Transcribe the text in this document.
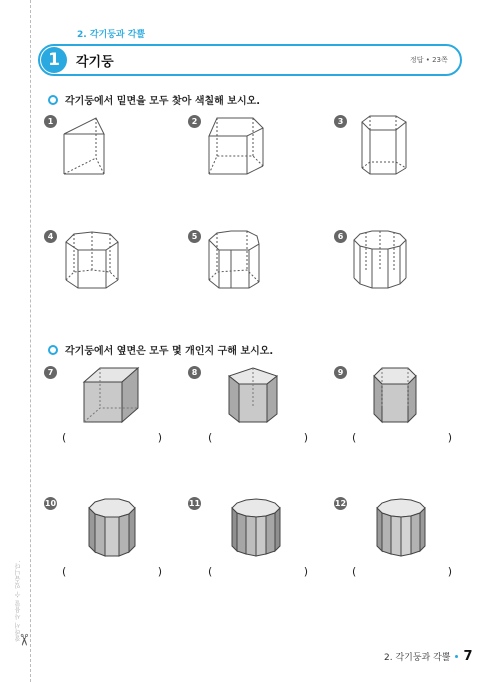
잘라서 사용할 수 있습니다.
✂
2. 각기둥과 각뿔
1	각기둥	정답 • 23쪽
각기둥에서 밑면을 모두 찾아 색칠해 보시오.
각기둥에서 옆면은 모두 몇 개인지 구해 보시오.
1	2	3
4	5	6
7	8	9
10	11	12
(	)	(	)	(	)
(	)	(	)	(	)
2. 각기둥과 각뿔 7
